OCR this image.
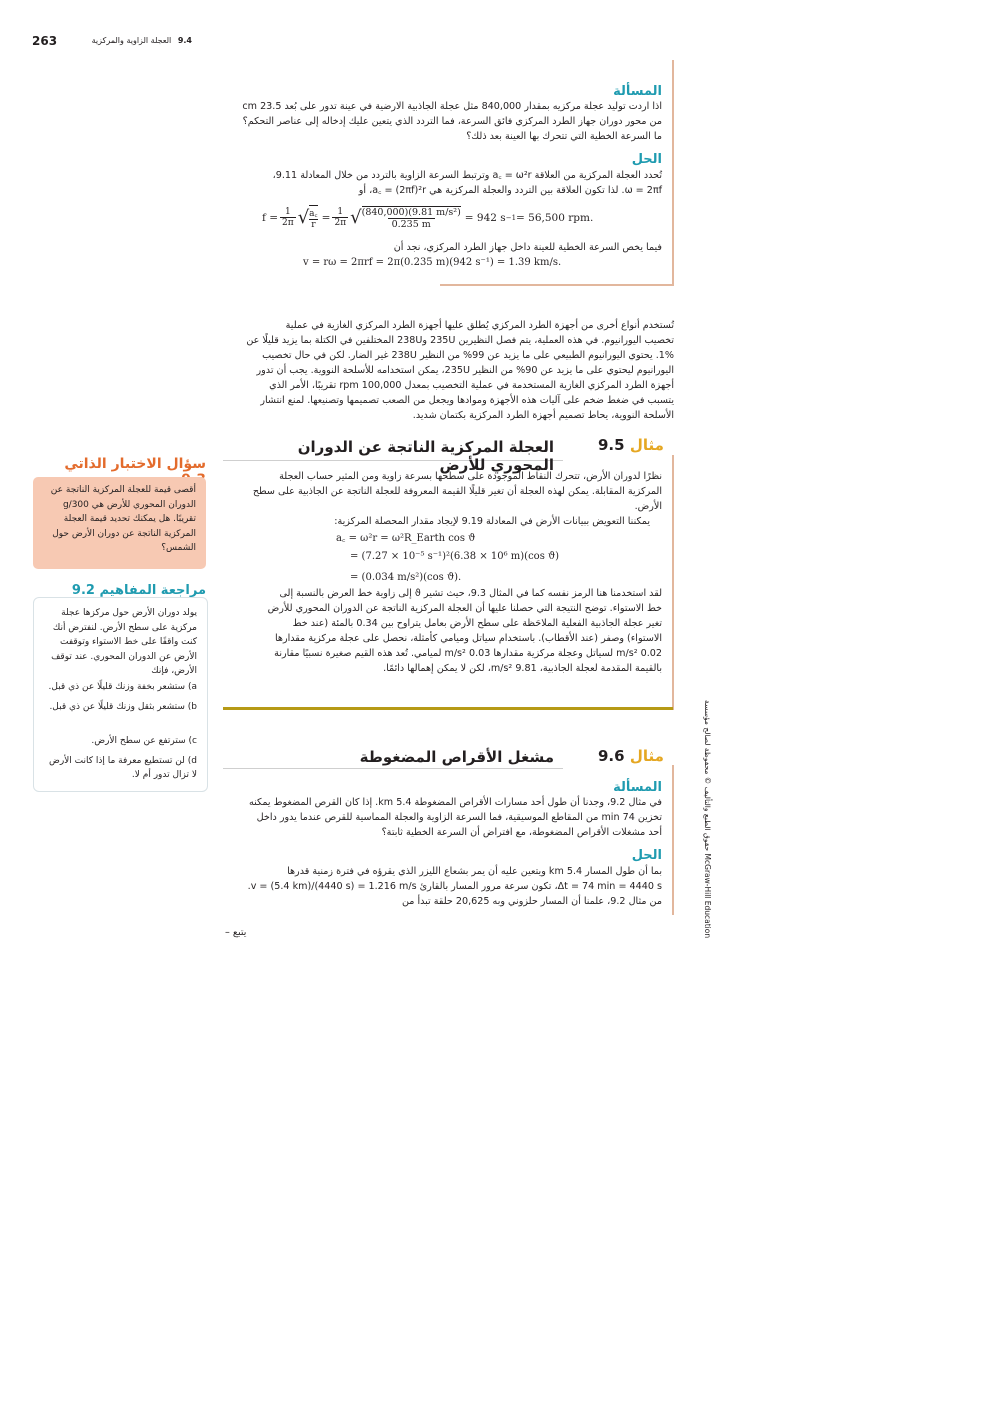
263	9.4 العجلة الزاوية والمركزية
المسألة
اذا اردت توليد عجلة مركزيه بمقدار 840,000 مثل عجلة الجاذبية الارضية في عينة تدور على بُعد 23.5 cm
من محور دوران جهاز الطرد المركزي فائق السرعة، فما التردد الذي يتعين عليك إدخاله إلى عناصر التحكم؟
ما السرعة الخطية التي تتحرك بها العينة بعد ذلك؟
الحل
تُحدد العجلة المركزية من العلاقة a꜀ = ω²r وترتبط السرعة الزاوية بالتردد من خلال المعادلة 9.11،
ω = 2πf. لذا تكون العلاقة بين التردد والعجلة المركزية هي a꜀ = (2πf)²r، أو
$f = \frac{1}{2\pi}$ √ $\frac{a꜀}{r} = \frac{1}{2\pi}$ √ $\frac{\text{(840,000)(9.81 m/s²)}}{0.235 m} = 942$ s −1 = 56,500 rpm.
فيما يخص السرعة الخطية للعينة داخل جهاز الطرد المركزي، نجد أن
v = rω = 2πrf = 2π(0.235 m)(942 s⁻¹) = 1.39 km/s.
تُستخدم أنواع أخرى من أجهزة الطرد المركزي يُطلق عليها أجهزة الطرد المركزي الغازية في عملية
تخصيب اليورانيوم. في هذه العملية، يتم فصل النظيرين 235U و238U المختلفين في الكتلة بما يزيد قليلًا عن
1%. يحتوي اليورانيوم الطبيعي على ما يزيد عن 99% من النظير 238U غير الضار. لكن في حال تخصيب
اليورانيوم ليحتوي على ما يزيد عن 90% من النظير 235U، يمكن استخدامه للأسلحة النووية. يجب أن تدور
أجهزة الطرد المركزي الغازية المستخدمة في عملية التخصيب بمعدل 100,000 rpm تقريبًا، الأمر الذي
يتسبب في ضغط ضخم على آليات هذه الأجهزة وموادها ويجعل من الصعب تصميمها وتصنيعها. لمنع انتشار
الأسلحة النووية، يحاط تصميم أجهزة الطرد المركزية بكتمان شديد.
مثال 9.5
العجلة المركزية الناتجة عن الدوران المحوري للأرض
نظرًا لدوران الأرض، تتحرك النقاط الموجودة على سطحها بسرعة زاوية ومن المثير حساب العجلة
المركزية المقابلة. يمكن لهذه العجلة أن تغير قليلًا القيمة المعروفة للعجلة الناتجة عن الجاذبية على سطح
الأرض.
يمكننا التعويض ببيانات الأرض في المعادلة 9.19 لإيجاد مقدار المحصلة المركزية:
a꜀ = ω²r = ω²R_Earth cos ϑ
= (7.27 × 10⁻⁵ s⁻¹)²(6.38 × 10⁶ m)(cos ϑ)
= (0.034 m/s²)(cos ϑ).
لقد استخدمنا هنا الرمز نفسه كما في المثال 9.3، حيث تشير ϑ إلى زاوية خط العرض بالنسبة إلى
خط الاستواء. توضح النتيجة التي حصلنا عليها أن العجلة المركزية الناتجة عن الدوران المحوري للأرض
تغير عجلة الجاذبية الفعلية الملاحَظة على سطح الأرض بعامل يتراوح بين 0.34 بالمئة (عند خط
الاستواء) وصفر (عند الأقطاب). باستخدام سياتل وميامي كأمثلة، نحصل على عجلة مركزية مقدارها
0.02 m/s² لسياتل وعجلة مركزية مقدارها 0.03 m/s² لميامي. تُعد هذه القيم صغيرة نسبيًا مقارنة
بالقيمة المقدمة لعجلة الجاذبية، 9.81 m/s²، لكن لا يمكن إهمالها دائمًا.
مثال 9.6
مشغل الأقراص المضغوطة
المسألة
في مثال 9.2، وجدنا أن طول أحد مسارات الأقراص المضغوطة 5.4 km. إذا كان القرص المضغوط يمكنه
تخزين 74 min من المقاطع الموسيقية، فما السرعة الزاوية والعجلة المماسية للقرص عندما يدور داخل
أحد مشغلات الأقراص المضغوطة، مع افتراض أن السرعة الخطية ثابتة؟
الحل
بما أن طول المسار 5.4 km ويتعين عليه أن يمر بشعاع الليزر الذي يقرؤه في فترة زمنية قدرها
Δt = 74 min = 4440 s، تكون سرعة مرور المسار بالقارئ v = (5.4 km)/(4440 s) = 1.216 m/s.
من مثال 9.2، علمنا أن المسار حلزوني وبه 20,625 حلقة تبدأ من
يتبع –
سؤال الاختبار الذاتي
أقصى قيمة للعجلة المركزية الناتجة عن
الدوران المحوري للأرض هي g/300
تقريبًا. هل يمكنك تحديد قيمة العجلة
المركزية الناتجة عن دوران الأرض حول
الشمس؟
مراجعة المفاهيم 9.2
يولد دوران الأرض حول مركزها عجلة
مركزية على سطح الأرض. لنفترض أنك
كنت واقفًا على خط الاستواء وتوقفت
الأرض عن الدوران المحوري. عند توقف
الأرض، فإنك
a) ستشعر بخفة وزنك قليلًا عن ذي قبل.
b) ستشعر بثقل وزنك قليلًا عن ذي قبل.
c) سترتفع عن سطح الأرض.
d) لن تستطيع معرفة ما إذا كانت الأرض لا تزال تدور أم لا.	حقوق الطبع والتأليف © محفوظة لصالح مؤسسة McGraw-Hill Education
